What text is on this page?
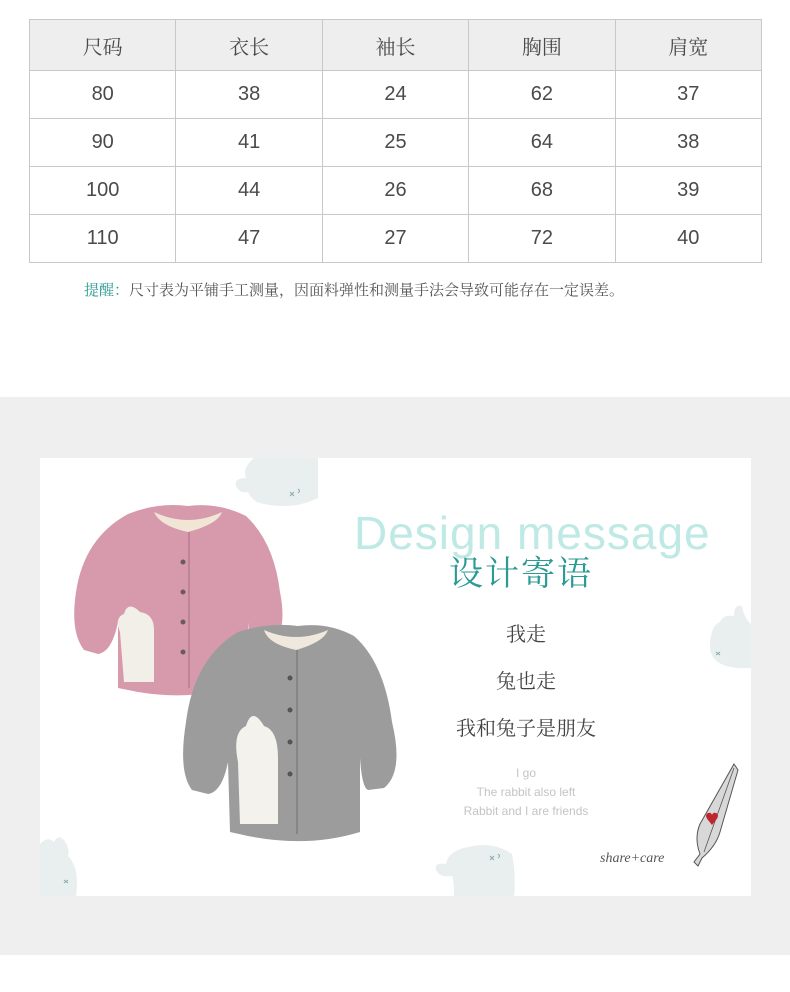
尺码	衣长	袖长	胸围	肩宽
80	38	24	62	37
90	41	25	64	38
100	44	26	68	39
110	47	27	72	40
提醒：尺寸表为平铺手工测量，因面料弹性和测量手法会导致可能存在一定误差。
Design message
设计寄语
我走
兔也走
我和兔子是朋友
I go
The rabbit also left
Rabbit and I are friends
share+care
